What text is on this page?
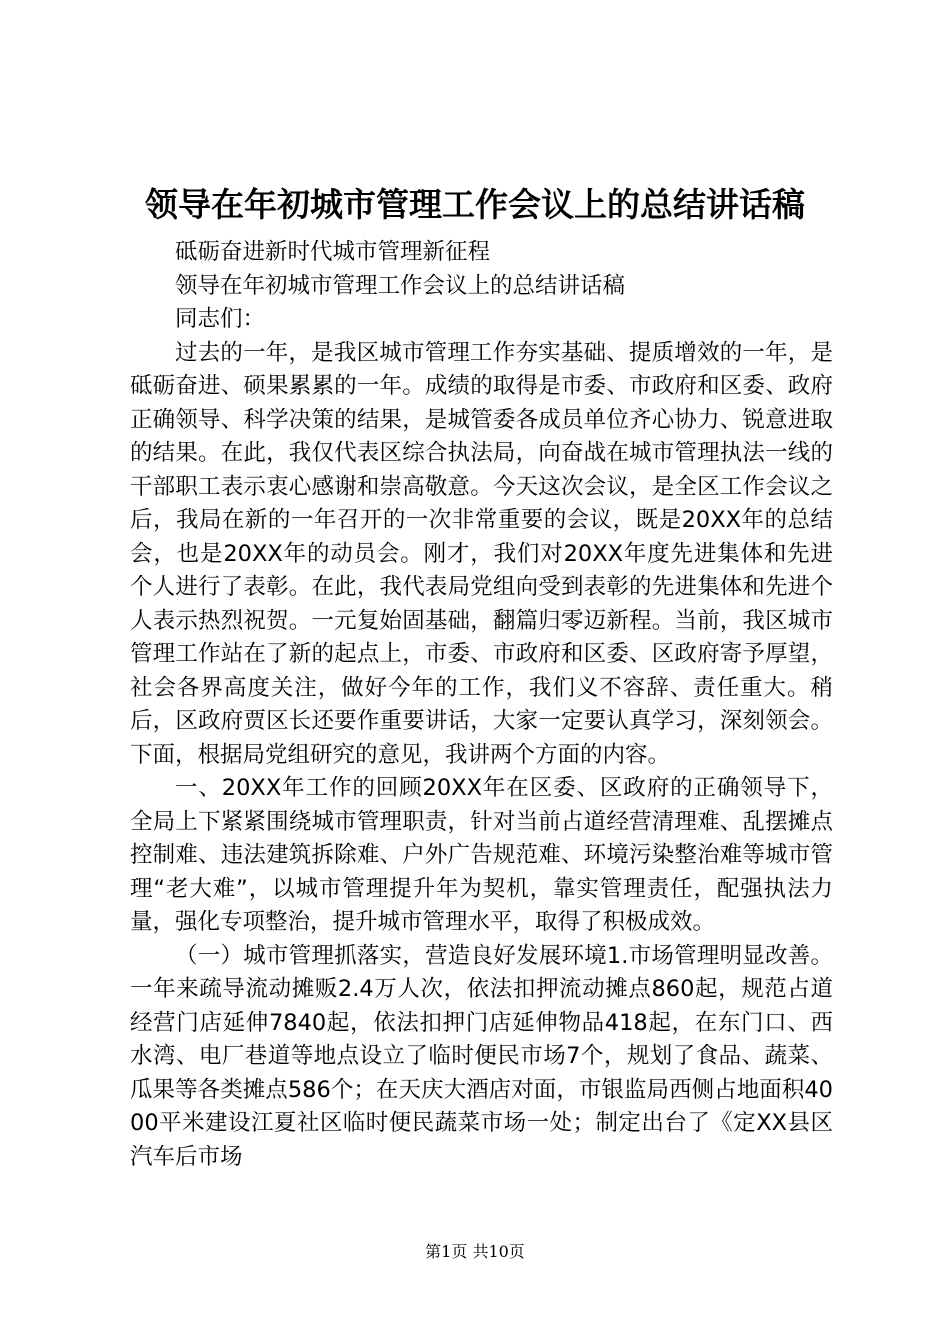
领导在年初城市管理工作会议上的总结讲话稿

砥砺奋进新时代城市管理新征程

领导在年初城市管理工作会议上的总结讲话稿

同志们：

过去的一年，是我区城市管理工作夯实基础、提质增效的一年，是砥砺奋进、硕果累累的一年。成绩的取得是市委、市政府和区委、政府正确领导、科学决策的结果，是城管委各成员单位齐心协力、锐意进取的结果。在此，我仅代表区综合执法局，向奋战在城市管理执法一线的干部职工表示衷心感谢和崇高敬意。今天这次会议，是全区工作会议之后，我局在新的一年召开的一次非常重要的会议，既是20XX年的总结会，也是20XX年的动员会。刚才，我们对20XX年度先进集体和先进个人进行了表彰。在此，我代表局党组向受到表彰的先进集体和先进个人表示热烈祝贺。一元复始固基础，翻篇归零迈新程。当前，我区城市管理工作站在了新的起点上，市委、市政府和区委、区政府寄予厚望，社会各界高度关注，做好今年的工作，我们义不容辞、责任重大。稍后，区政府贾区长还要作重要讲话，大家一定要认真学习，深刻领会。下面，根据局党组研究的意见，我讲两个方面的内容。

一、20XX年工作的回顾20XX年在区委、区政府的正确领导下，全局上下紧紧围绕城市管理职责，针对当前占道经营清理难、乱摆摊点控制难、违法建筑拆除难、户外广告规范难、环境污染整治难等城市管理“老大难”，以城市管理提升年为契机，靠实管理责任，配强执法力量，强化专项整治，提升城市管理水平，取得了积极成效。

（一）城市管理抓落实，营造良好发展环境1.市场管理明显改善。一年来疏导流动摊贩2.4万人次，依法扣押流动摊点860起，规范占道经营门店延伸7840起，依法扣押门店延伸物品418起，在东门口、西水湾、电厂巷道等地点设立了临时便民市场7个，规划了食品、蔬菜、瓜果等各类摊点586个；在天庆大酒店对面，市银监局西侧占地面积4000平米建设江夏社区临时便民蔬菜市场一处；制定出台了《定XX县区汽车后市场

第1页 共10页
